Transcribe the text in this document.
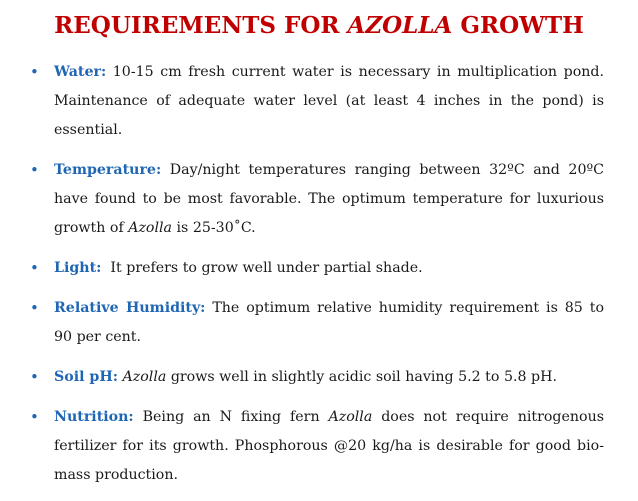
REQUIREMENTS FOR AZOLLA GROWTH
• Water: 10-15 cm fresh current water is necessary in multiplication pond. Maintenance of adequate water level (at least 4 inches in the pond) is essential.
• Temperature: Day/night temperatures ranging between 32ºC and 20ºC have found to be most favorable. The optimum temperature for luxurious growth of Azolla is 25-30˚C.
• Light:  It prefers to grow well under partial shade.
• Relative Humidity: The optimum relative humidity requirement is 85 to 90 per cent.
• Soil pH: Azolla grows well in slightly acidic soil having 5.2 to 5.8 pH.
• Nutrition: Being an N fixing fern Azolla does not require nitrogenous fertilizer for its growth. Phosphorous @20 kg/ha is desirable for good bio-mass production.
